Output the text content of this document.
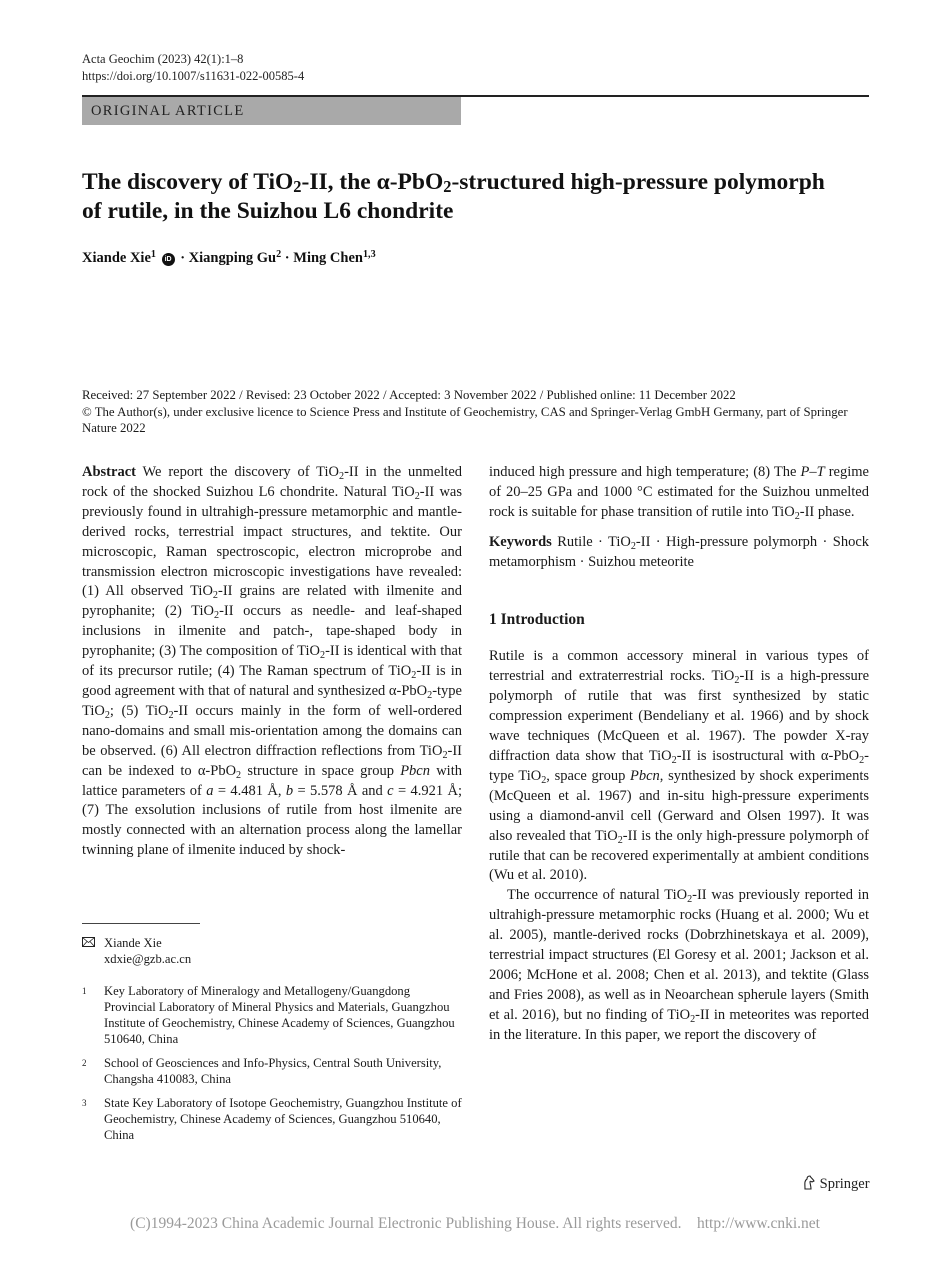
Acta Geochim (2023) 42(1):1–8
https://doi.org/10.1007/s11631-022-00585-4
ORIGINAL ARTICLE
The discovery of TiO$_2$-II, the α-PbO$_2$-structured high-pressure polymorph of rutile, in the Suizhou L6 chondrite
Xiande Xie$^1$ iD · Xiangping $Gu^2$ · Ming Chen$^{1,3}$
Received: 27 September 2022 / Revised: 23 October 2022 / Accepted: 3 November 2022 / Published online: 11 December 2022
© The Author(s), under exclusive licence to Science Press and Institute of Geochemistry, CAS and Springer-Verlag GmbH Germany, part of Springer Nature 2022

Abstract We report the discovery of TiO$_2$-II in the unmelted rock of the shocked Suizhou L6 chondrite. Natural TiO$_2$-II was previously found in ultrahigh-pressure metamorphic and mantle-derived rocks, terrestrial impact structures, and tektite. Our microscopic, Raman spectroscopic, electron microprobe and transmission electron microscopic investigations have revealed: (1) All observed TiO$_2$-II grains are related with ilmenite and pyrophanite; (2) TiO$_2$-II occurs as needle- and leaf-shaped inclusions in ilmenite and patch-, tape-shaped body in pyrophanite; (3) The composition of TiO$_2$-II is identical with that of its precursor rutile; (4) The Raman spectrum of TiO$_2$-II is in good agreement with that of natural and synthesized α-PbO$_2$-type TiO$_2$; (5) TiO$_2$-II occurs mainly in the form of well-ordered nano-domains and small mis-orientation among the domains can be observed. (6) All electron diffraction reflections from TiO$_2$-II can be indexed to α-PbO$_2$ structure in space group Pbcn with lattice parameters of a = 4.481 Å, b = 5.578 Å and c = 4.921 Å; (7) The exsolution inclusions of rutile from host ilmenite are mostly connected with an alternation process along the lamellar twinning plane of ilmenite induced by shock-

induced high pressure and high temperature; (8) The P–T regime of 20–25 GPa and 1000 °C estimated for the Suizhou unmelted rock is suitable for phase transition of rutile into TiO$_2$-II phase.

Keywords Rutile · TiO$_2$-II · High-pressure polymorph · Shock metamorphism · Suizhou meteorite

1 Introduction

Rutile is a common accessory mineral in various types of terrestrial and extraterrestrial rocks. TiO$_2$-II is a high-pressure polymorph of rutile that was first synthesized by static compression experiment (Bendeliany et al. 1966) and by shock wave techniques (McQueen et al. 1967). The powder X-ray diffraction data show that TiO$_2$-II is isostructural with α-PbO$_2$-type TiO$_2$, space group Pbcn, synthesized by shock experiments (McQueen et al. 1967) and in-situ high-pressure experiments using a diamond-anvil cell (Gerward and Olsen 1997). It was also revealed that TiO$_2$-II is the only high-pressure polymorph of rutile that can be recovered experimentally at ambient conditions (Wu et al. 2010).

The occurrence of natural TiO$_2$-II was previously reported in ultrahigh-pressure metamorphic rocks (Huang et al. 2000; Wu et al. 2005), mantle-derived rocks (Dobrzhinetskaya et al. 2009), terrestrial impact structures (El Goresy et al. 2001; Jackson et al. 2006; McHone et al. 2008; Chen et al. 2013), and tektite (Glass and Fries 2008), as well as in Neoarchean spherule layers (Smith et al. 2016), but no finding of TiO$_2$-II in meteorites was reported in the literature. In this paper, we report the discovery of

Xiande Xie
xdxie@gzb.ac.cn
1 Key Laboratory of Mineralogy and Metallogeny/Guangdong Provincial Laboratory of Mineral Physics and Materials, Guangzhou Institute of Geochemistry, Chinese Academy of Sciences, Guangzhou 510640, China
2 School of Geosciences and Info-Physics, Central South University, Changsha 410083, China
3 State Key Laboratory of Isotope Geochemistry, Guangzhou Institute of Geochemistry, Chinese Academy of Sciences, Guangzhou 510640, China
Springer
(C)1994-2023 China Academic Journal Electronic Publishing House. All rights reserved. http://www.cnki.net
